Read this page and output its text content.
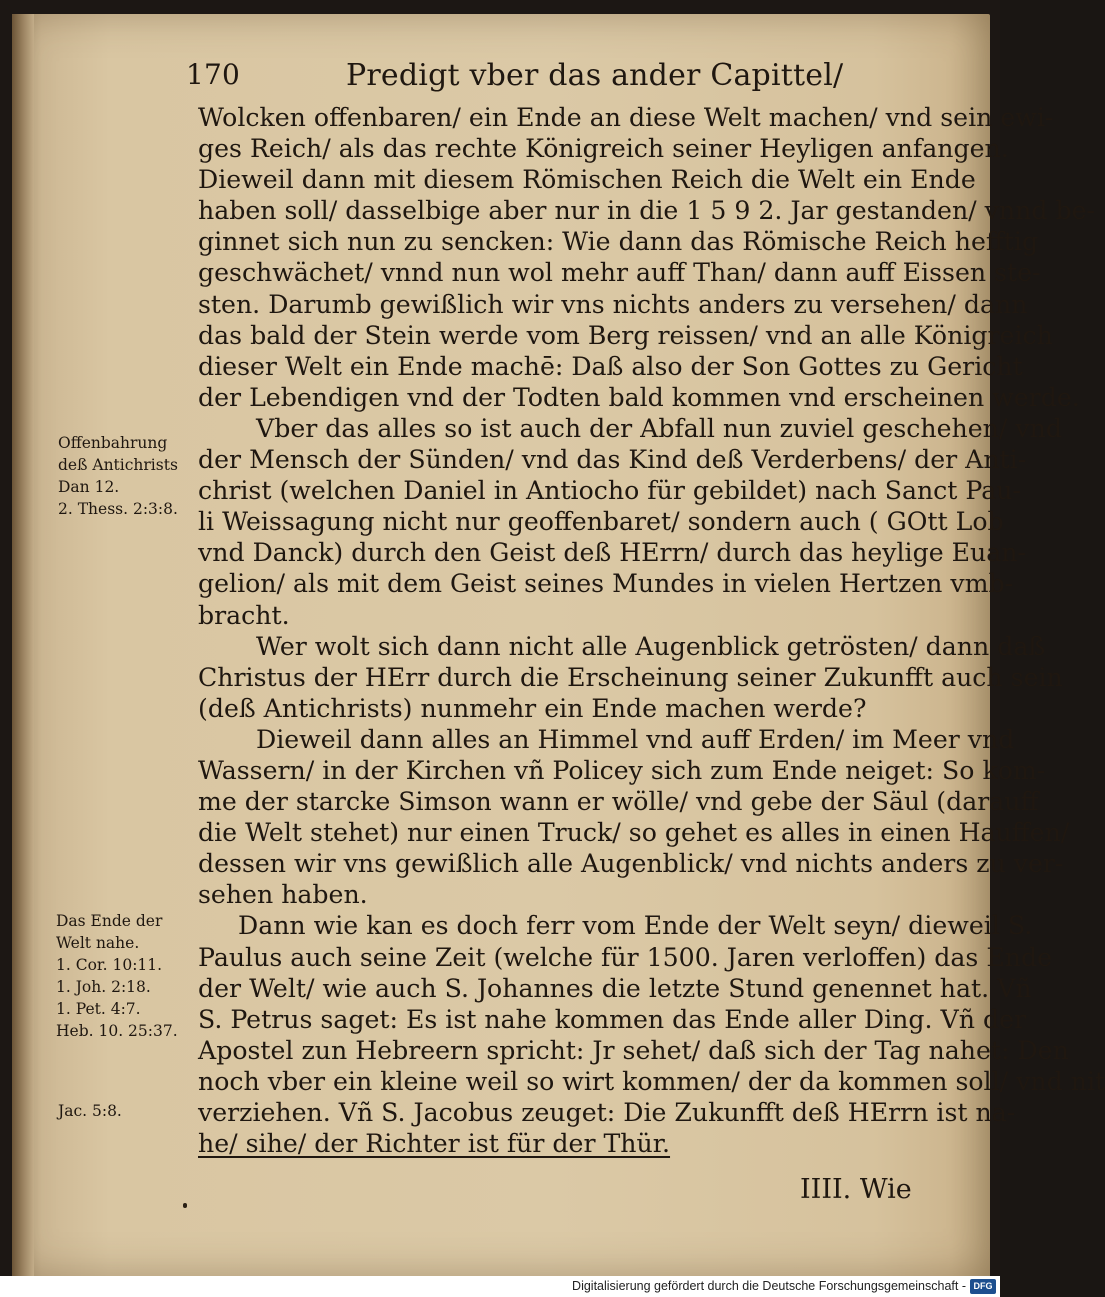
170	Predigt vber das ander Capittel/
Wolcken offenbaren/ ein Ende an diese Welt machen/ vnd sein ewi-
ges Reich/ als das rechte Königreich seiner Heyligen anfangen.
Dieweil dann mit diesem Römischen Reich die Welt ein Ende
haben soll/ dasselbige aber nur in die 1 5 9 2. Jar gestanden/ vnnd be-
ginnet sich nun zu sencken: Wie dann das Römische Reich hefftig
geschwächet/ vnnd nun wol mehr auff Than/ dann auff Eissen ste-
sten. Darumb gewißlich wir vns nichts anders zu versehen/ dann
das bald der Stein werde vom Berg reissen/ vnd an alle Königreich
dieser Welt ein Ende machē: Daß also der Son Gottes zu Gericht
der Lebendigen vnd der Todten bald kommen vnd erscheinen werde.
Vber das alles so ist auch der Abfall nun zuviel geschehen/ vnd
der Mensch der Sünden/ vnd das Kind deß Verderbens/ der Anti-
christ (welchen Daniel in Antiocho für gebildet) nach Sanct Pau-
li Weissagung nicht nur geoffenbaret/ sondern auch ( GOtt Lob
vnd Danck) durch den Geist deß HErrn/ durch das heylige Euan-
gelion/ als mit dem Geist seines Mundes in vielen Hertzen vmb-
bracht.
Wer wolt sich dann nicht alle Augenblick getrösten/ dann daß
Christus der HErr durch die Erscheinung seiner Zukunfft auch sein
(deß Antichrists) nunmehr ein Ende machen werde?
Dieweil dann alles an Himmel vnd auff Erden/ im Meer vnd
Wassern/ in der Kirchen vñ Policey sich zum Ende neiget: So kom-
me der starcke Simson wann er wölle/ vnd gebe der Säul (darauff
die Welt stehet) nur einen Truck/ so gehet es alles in einen Hauffen/
dessen wir vns gewißlich alle Augenblick/ vnd nichts anders zu ver-
sehen haben.
Dann wie kan es doch ferr vom Ende der Welt seyn/ dieweil S.
Paulus auch seine Zeit (welche für 1500. Jaren verloffen) das Ende
der Welt/ wie auch S. Johannes die letzte Stund genennet hat. Vñ
S. Petrus saget: Es ist nahe kommen das Ende aller Ding. Vñ der
Apostel zun Hebreern spricht: Jr sehet/ daß sich der Tag nahet: Den
noch vber ein kleine weil so wirt kommen/ der da kommen soll/ vnd nit
verziehen. Vñ S. Jacobus zeuget: Die Zukunfft deß HErrn ist na-
he/ sihe/ der Richter ist für der Thür.
Offenbahrung
deß Antichrists
Dan 12.
2. Thess. 2:3:8.
Das Ende der
Welt nahe.
1. Cor. 10:11.
1. Joh. 2:18.
1. Pet. 4:7.
Heb. 10. 25:37.
Jac. 5:8.
IIII. Wie
Digitalisierung gefördert durch die Deutsche Forschungsgemeinschaft - DFG
